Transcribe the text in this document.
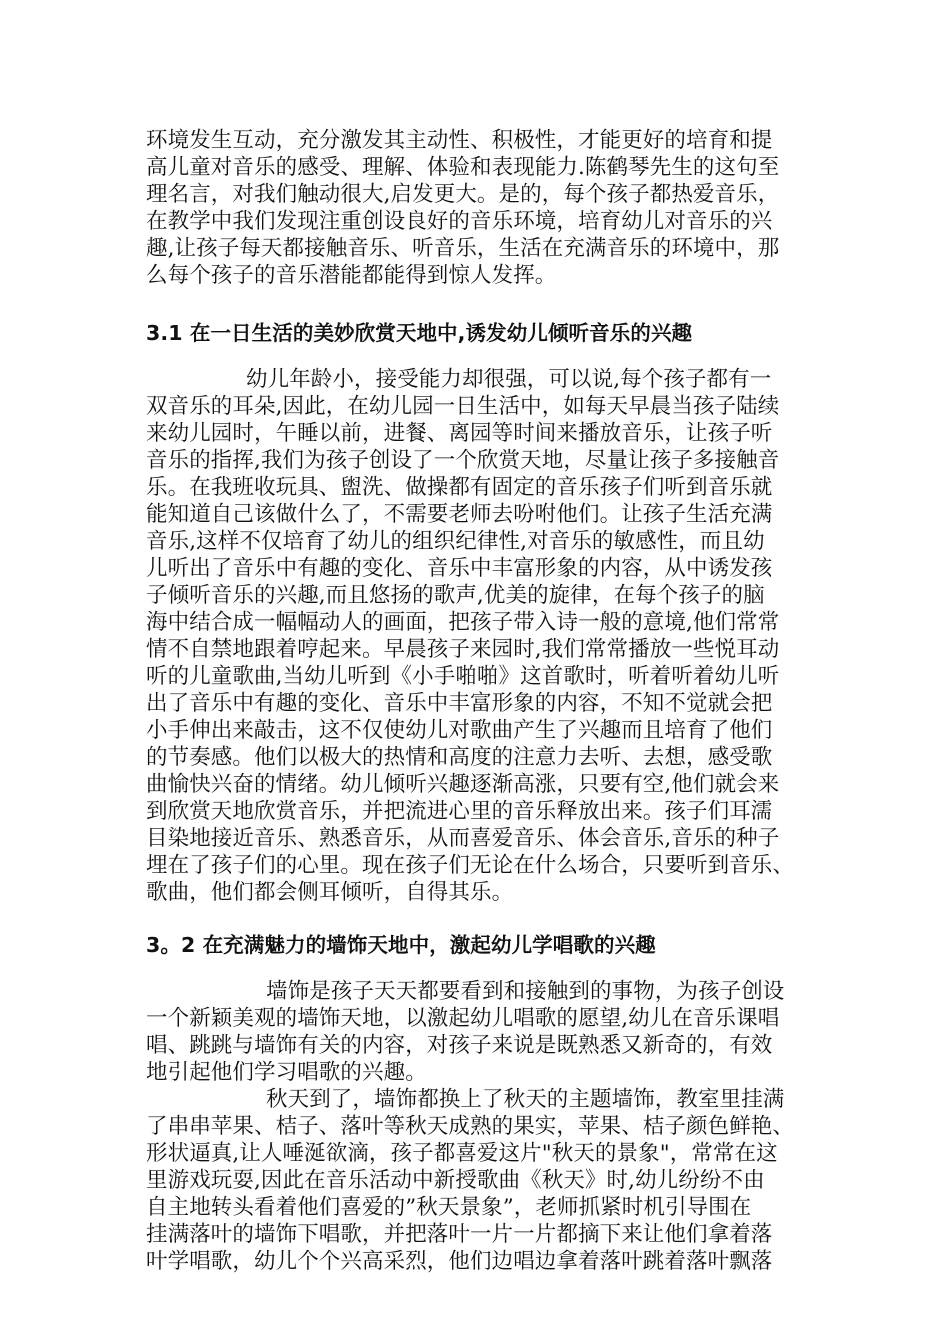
环境发生互动，充分激发其主动性、积极性，才能更好的培育和提
高儿童对音乐的感受、理解、体验和表现能力.陈鹤琴先生的这句至
理名言，对我们触动很大,启发更大。是的，每个孩子都热爱音乐，
在教学中我们发现注重创设良好的音乐环境，培育幼儿对音乐的兴
趣,让孩子每天都接触音乐、听音乐，生活在充满音乐的环境中，那
么每个孩子的音乐潜能都能得到惊人发挥。
3.1 在一日生活的美妙欣赏天地中,诱发幼儿倾听音乐的兴趣
幼儿年龄小，接受能力却很强，可以说,每个孩子都有一
双音乐的耳朵,因此，在幼儿园一日生活中，如每天早晨当孩子陆续
来幼儿园时，午睡以前，进餐、离园等时间来播放音乐，让孩子听
音乐的指挥,我们为孩子创设了一个欣赏天地，尽量让孩子多接触音
乐。在我班收玩具、盥洗、做操都有固定的音乐孩子们听到音乐就
能知道自己该做什么了，不需要老师去吩咐他们。让孩子生活充满
音乐,这样不仅培育了幼儿的组织纪律性,对音乐的敏感性，而且幼
儿听出了音乐中有趣的变化、音乐中丰富形象的内容，从中诱发孩
子倾听音乐的兴趣,而且悠扬的歌声,优美的旋律，在每个孩子的脑
海中结合成一幅幅动人的画面，把孩子带入诗一般的意境,他们常常
情不自禁地跟着哼起来。早晨孩子来园时,我们常常播放一些悦耳动
听的儿童歌曲,当幼儿听到《小手啪啪》这首歌时，听着听着幼儿听
出了音乐中有趣的变化、音乐中丰富形象的内容，不知不觉就会把
小手伸出来敲击，这不仅使幼儿对歌曲产生了兴趣而且培育了他们
的节奏感。他们以极大的热情和高度的注意力去听、去想，感受歌
曲愉快兴奋的情绪。幼儿倾听兴趣逐渐高涨，只要有空,他们就会来
到欣赏天地欣赏音乐，并把流进心里的音乐释放出来。孩子们耳濡
目染地接近音乐、熟悉音乐，从而喜爱音乐、体会音乐,音乐的种子
埋在了孩子们的心里。现在孩子们无论在什么场合，只要听到音乐、
歌曲，他们都会侧耳倾听，自得其乐。
3。2 在充满魅力的墙饰天地中，激起幼儿学唱歌的兴趣
墙饰是孩子天天都要看到和接触到的事物，为孩子创设
一个新颖美观的墙饰天地，以激起幼儿唱歌的愿望,幼儿在音乐课唱
唱、跳跳与墙饰有关的内容，对孩子来说是既熟悉又新奇的，有效
地引起他们学习唱歌的兴趣。
秋天到了，墙饰都换上了秋天的主题墙饰，教室里挂满
了串串苹果、桔子、落叶等秋天成熟的果实，苹果、桔子颜色鲜艳、
形状逼真,让人唾涎欲滴，孩子都喜爱这片"秋天的景象"，常常在这
里游戏玩耍,因此在音乐活动中新授歌曲《秋天》时,幼儿纷纷不由
自主地转头看着他们喜爱的”秋天景象”，老师抓紧时机引导围在
挂满落叶的墙饰下唱歌，并把落叶一片一片都摘下来让他们拿着落
叶学唱歌，幼儿个个兴高采烈，他们边唱边拿着落叶跳着落叶飘落
